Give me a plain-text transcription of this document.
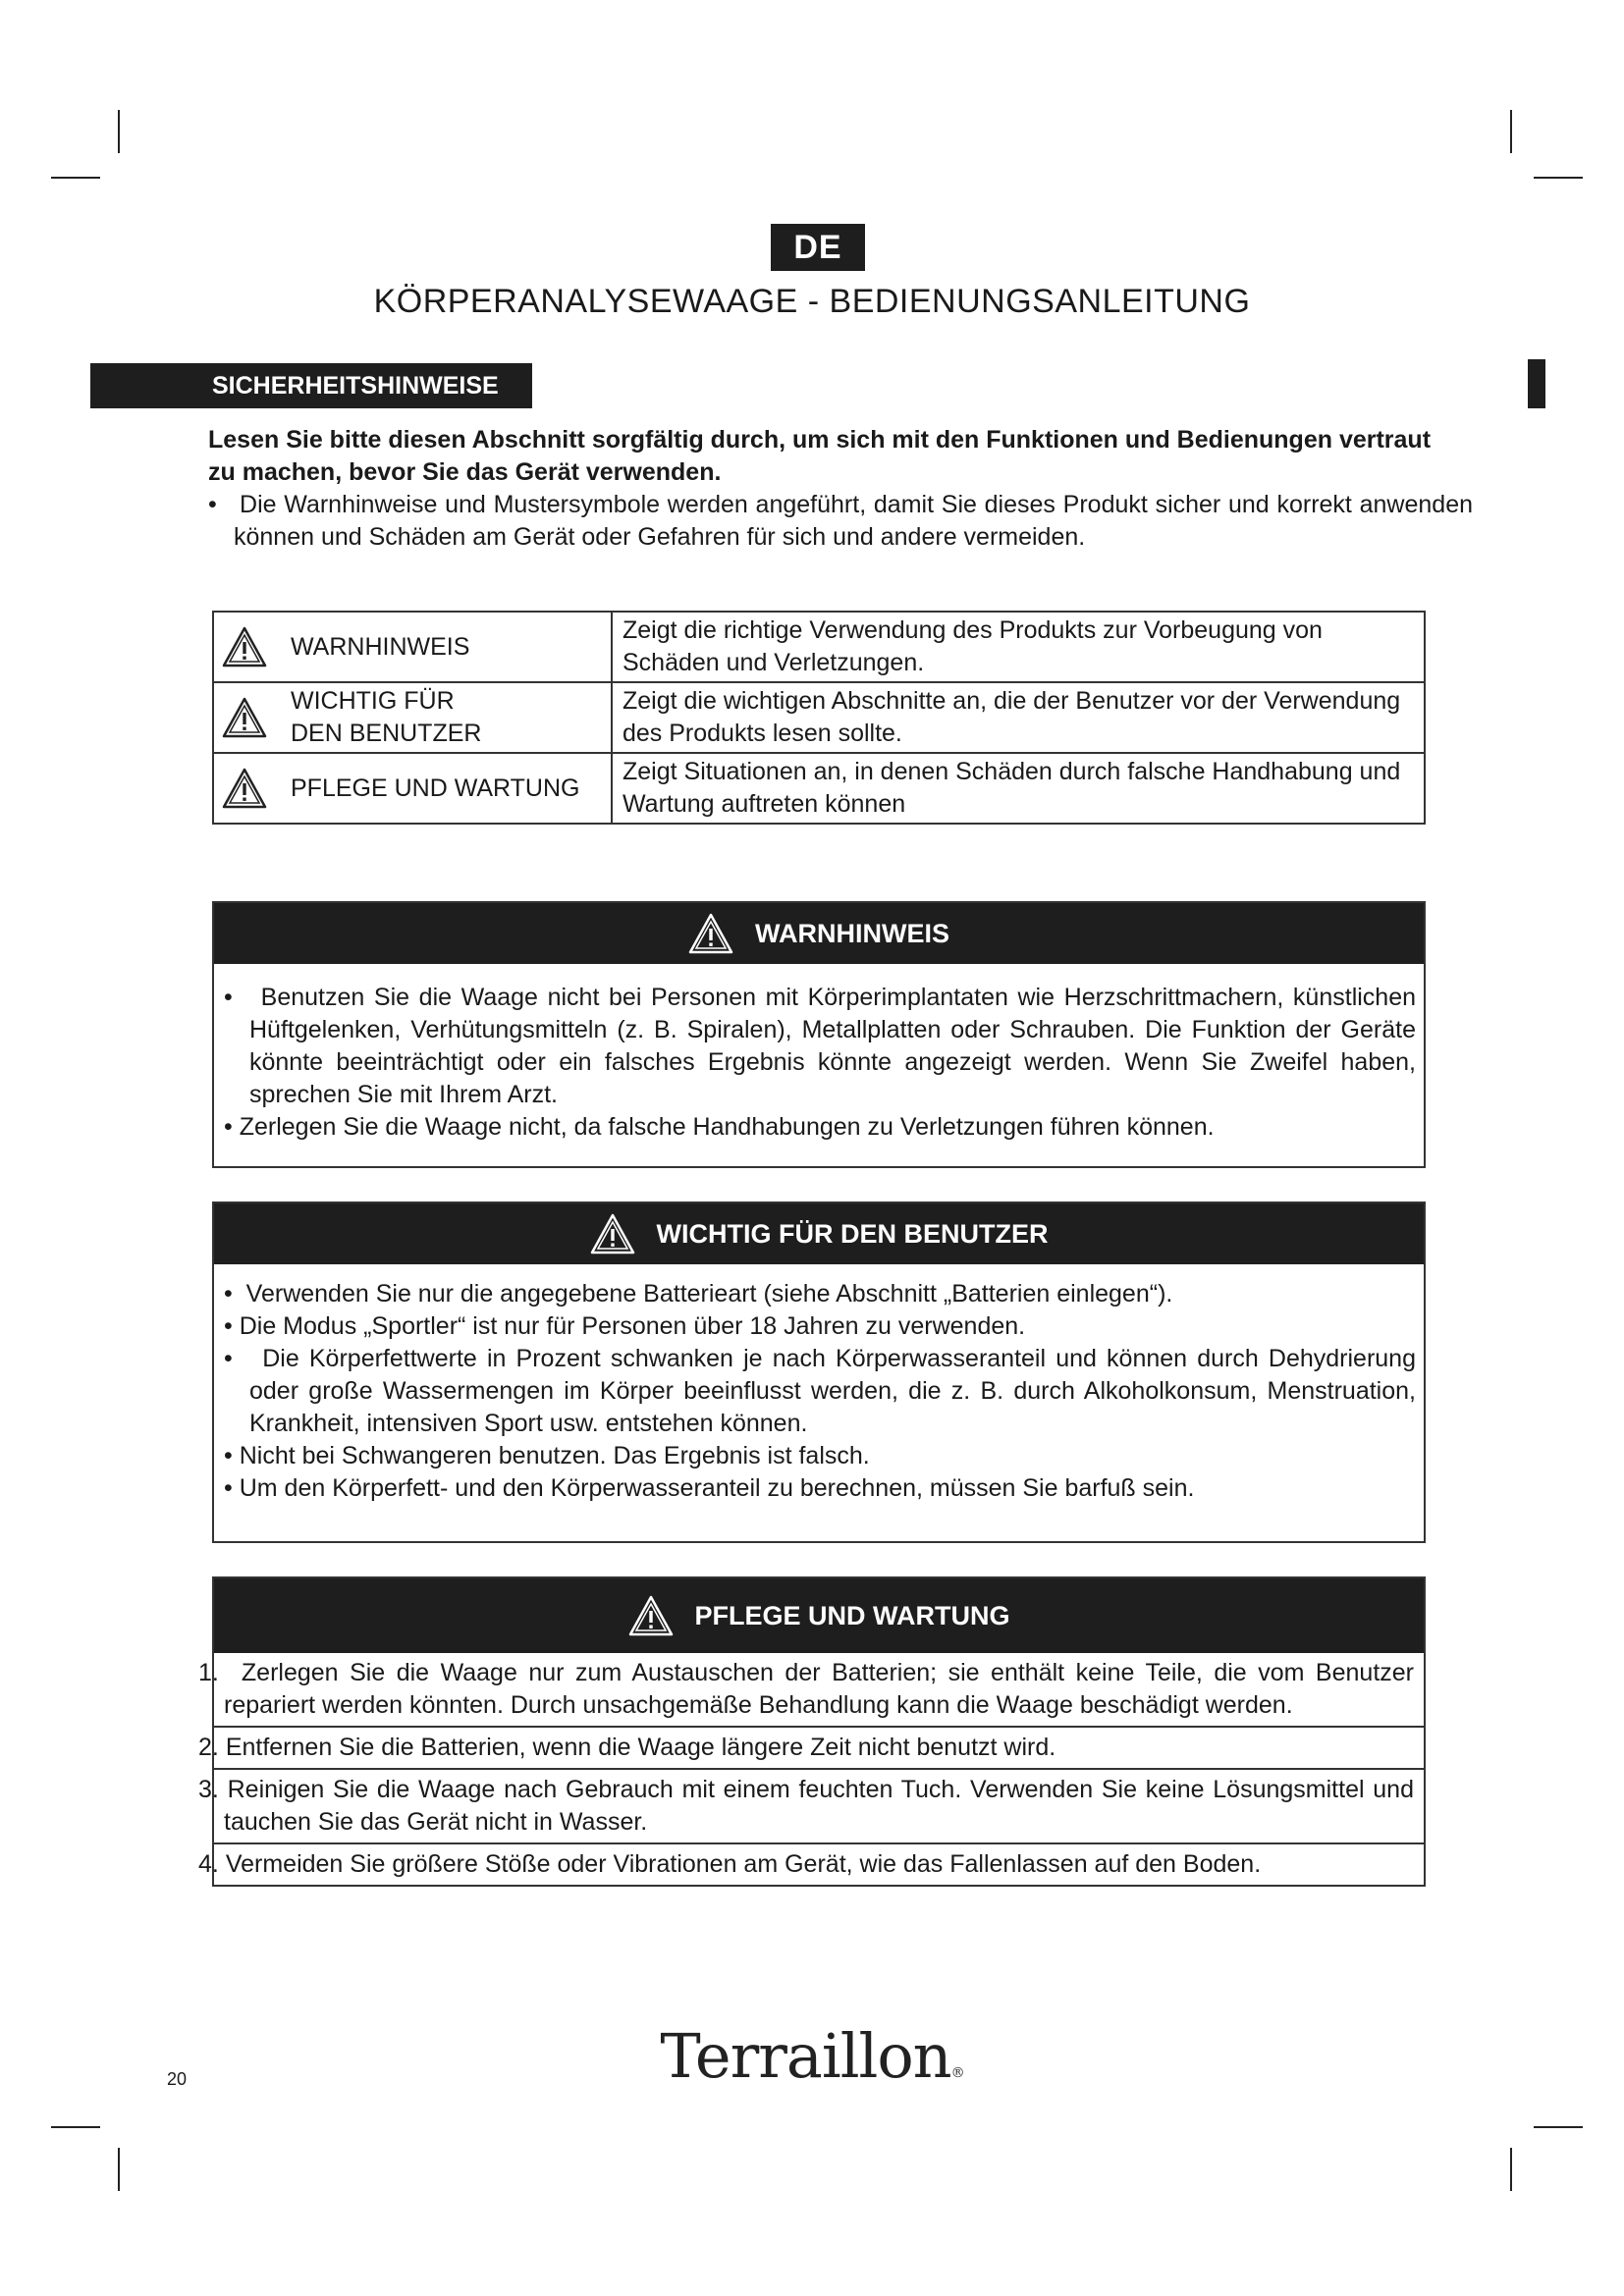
DE
KÖRPERANALYSEWAAGE - BEDIENUNGSANLEITUNG
SICHERHEITSHINWEISE
Lesen Sie bitte diesen Abschnitt sorgfältig durch, um sich mit den Funktionen und Bedienungen vertraut zu machen, bevor Sie das Gerät verwenden.
• Die Warnhinweise und Mustersymbole werden angeführt, damit Sie dieses Produkt sicher und korrekt anwenden können und Schäden am Gerät oder Gefahren für sich und andere vermeiden.
WARNHINWEIS	Zeigt die richtige Verwendung des Produkts zur Vorbeugung von Schäden und Verletzungen.

WICHTIG FÜR DEN BENUTZER	Zeigt die wichtigen Abschnitte an, die der Benutzer vor der Verwendung des Produkts lesen sollte.

PFLEGE UND WARTUNG	Zeigt Situationen an, in denen Schäden durch falsche Handhabung und Wartung auftreten können
WARNHINWEIS

• Benutzen Sie die Waage nicht bei Personen mit Körperimplantaten wie Herzschrittmachern, künstlichen Hüftgelenken, Verhütungsmitteln (z. B. Spiralen), Metallplatten oder Schrauben. Die Funktion der Geräte könnte beeinträchtigt oder ein falsches Ergebnis könnte angezeigt werden. Wenn Sie Zweifel haben, sprechen Sie mit Ihrem Arzt.

• Zerlegen Sie die Waage nicht, da falsche Handhabungen zu Verletzungen führen können.

WICHTIG FÜR DEN BENUTZER

• Verwenden Sie nur die angegebene Batterieart (siehe Abschnitt „Batterien einlegen“).

• Die Modus „Sportler“ ist nur für Personen über 18 Jahren zu verwenden.

• Die Körperfettwerte in Prozent schwanken je nach Körperwasseranteil und können durch Dehydrierung oder große Wassermengen im Körper beeinflusst werden, die z. B. durch Alkoholkonsum, Menstruation, Krankheit, intensiven Sport usw. entstehen können.

• Nicht bei Schwangeren benutzen. Das Ergebnis ist falsch.

• Um den Körperfett- und den Körperwasseranteil zu berechnen, müssen Sie barfuß sein.

PFLEGE UND WARTUNG
1. Zerlegen Sie die Waage nur zum Austauschen der Batterien; sie enthält keine Teile, die vom Benutzer repariert werden könnten. Durch unsachgemäße Behandlung kann die Waage beschädigt werden.
2. Entfernen Sie die Batterien, wenn die Waage längere Zeit nicht benutzt wird.
3. Reinigen Sie die Waage nach Gebrauch mit einem feuchten Tuch. Verwenden Sie keine Lösungsmittel und tauchen Sie das Gerät nicht in Wasser.
4. Vermeiden Sie größere Stöße oder Vibrationen am Gerät, wie das Fallenlassen auf den Boden.
20	Terraillon®
